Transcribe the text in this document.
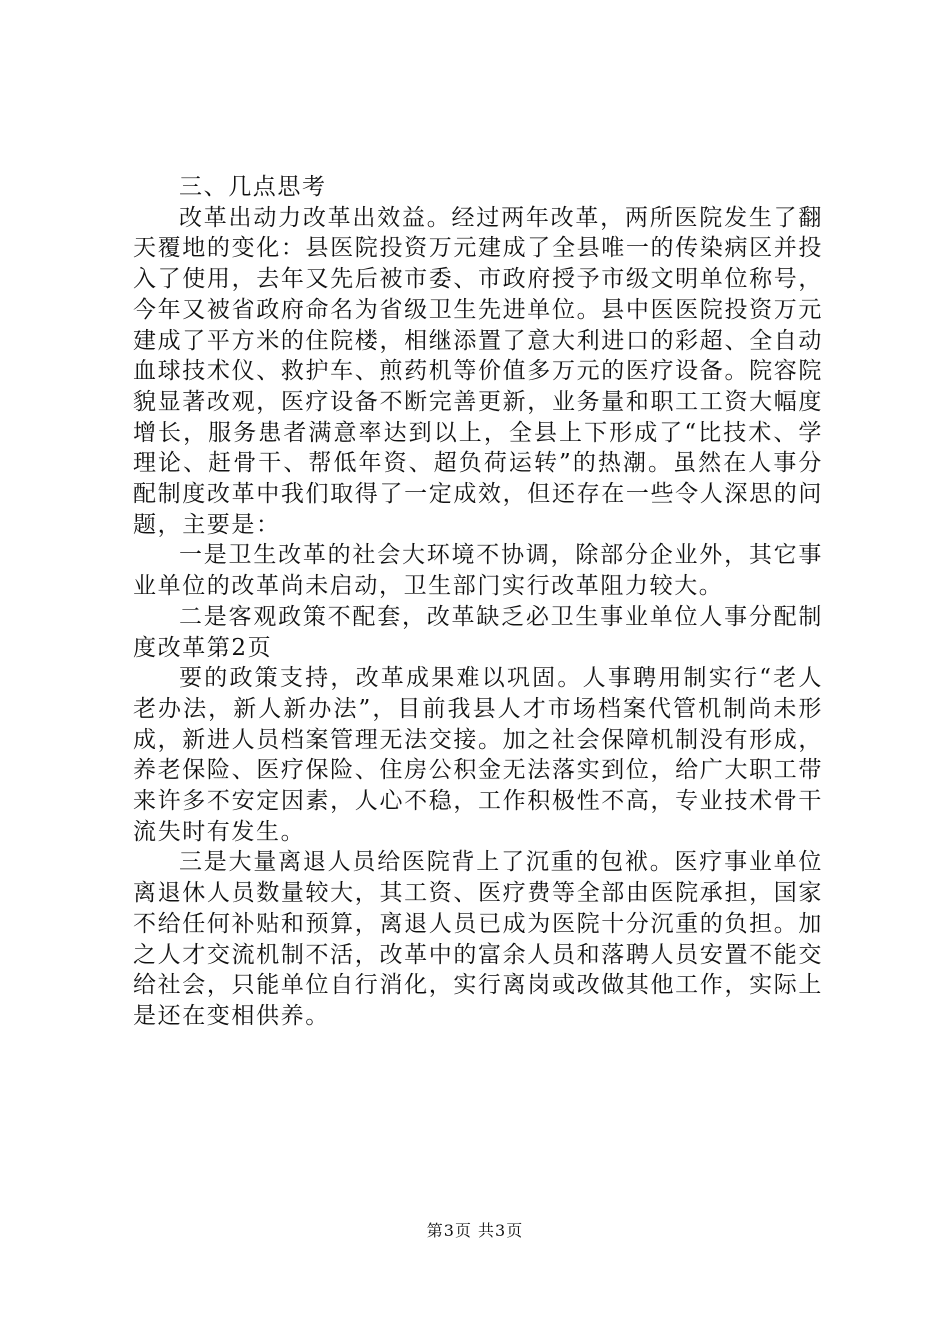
三、几点思考

改革出动力改革出效益。经过两年改革，两所医院发生了翻天覆地的变化：县医院投资万元建成了全县唯一的传染病区并投入了使用，去年又先后被市委、市政府授予市级文明单位称号，今年又被省政府命名为省级卫生先进单位。县中医医院投资万元建成了平方米的住院楼，相继添置了意大利进口的彩超、全自动血球技术仪、救护车、煎药机等价值多万元的医疗设备。院容院貌显著改观，医疗设备不断完善更新，业务量和职工工资大幅度增长，服务患者满意率达到以上，全县上下形成了“比技术、学理论、赶骨干、帮低年资、超负荷运转”的热潮。虽然在人事分配制度改革中我们取得了一定成效，但还存在一些令人深思的问题，主要是：

一是卫生改革的社会大环境不协调，除部分企业外，其它事业单位的改革尚未启动，卫生部门实行改革阻力较大。

二是客观政策不配套，改革缺乏必卫生事业单位人事分配制度改革第2页

要的政策支持，改革成果难以巩固。人事聘用制实行“老人老办法，新人新办法”，目前我县人才市场档案代管机制尚未形成，新进人员档案管理无法交接。加之社会保障机制没有形成，养老保险、医疗保险、住房公积金无法落实到位，给广大职工带来许多不安定因素，人心不稳，工作积极性不高，专业技术骨干流失时有发生。

三是大量离退人员给医院背上了沉重的包袱。医疗事业单位离退休人员数量较大，其工资、医疗费等全部由医院承担，国家不给任何补贴和预算，离退人员已成为医院十分沉重的负担。加之人才交流机制不活，改革中的富余人员和落聘人员安置不能交给社会，只能单位自行消化，实行离岗或改做其他工作，实际上是还在变相供养。

第3页 共3页
